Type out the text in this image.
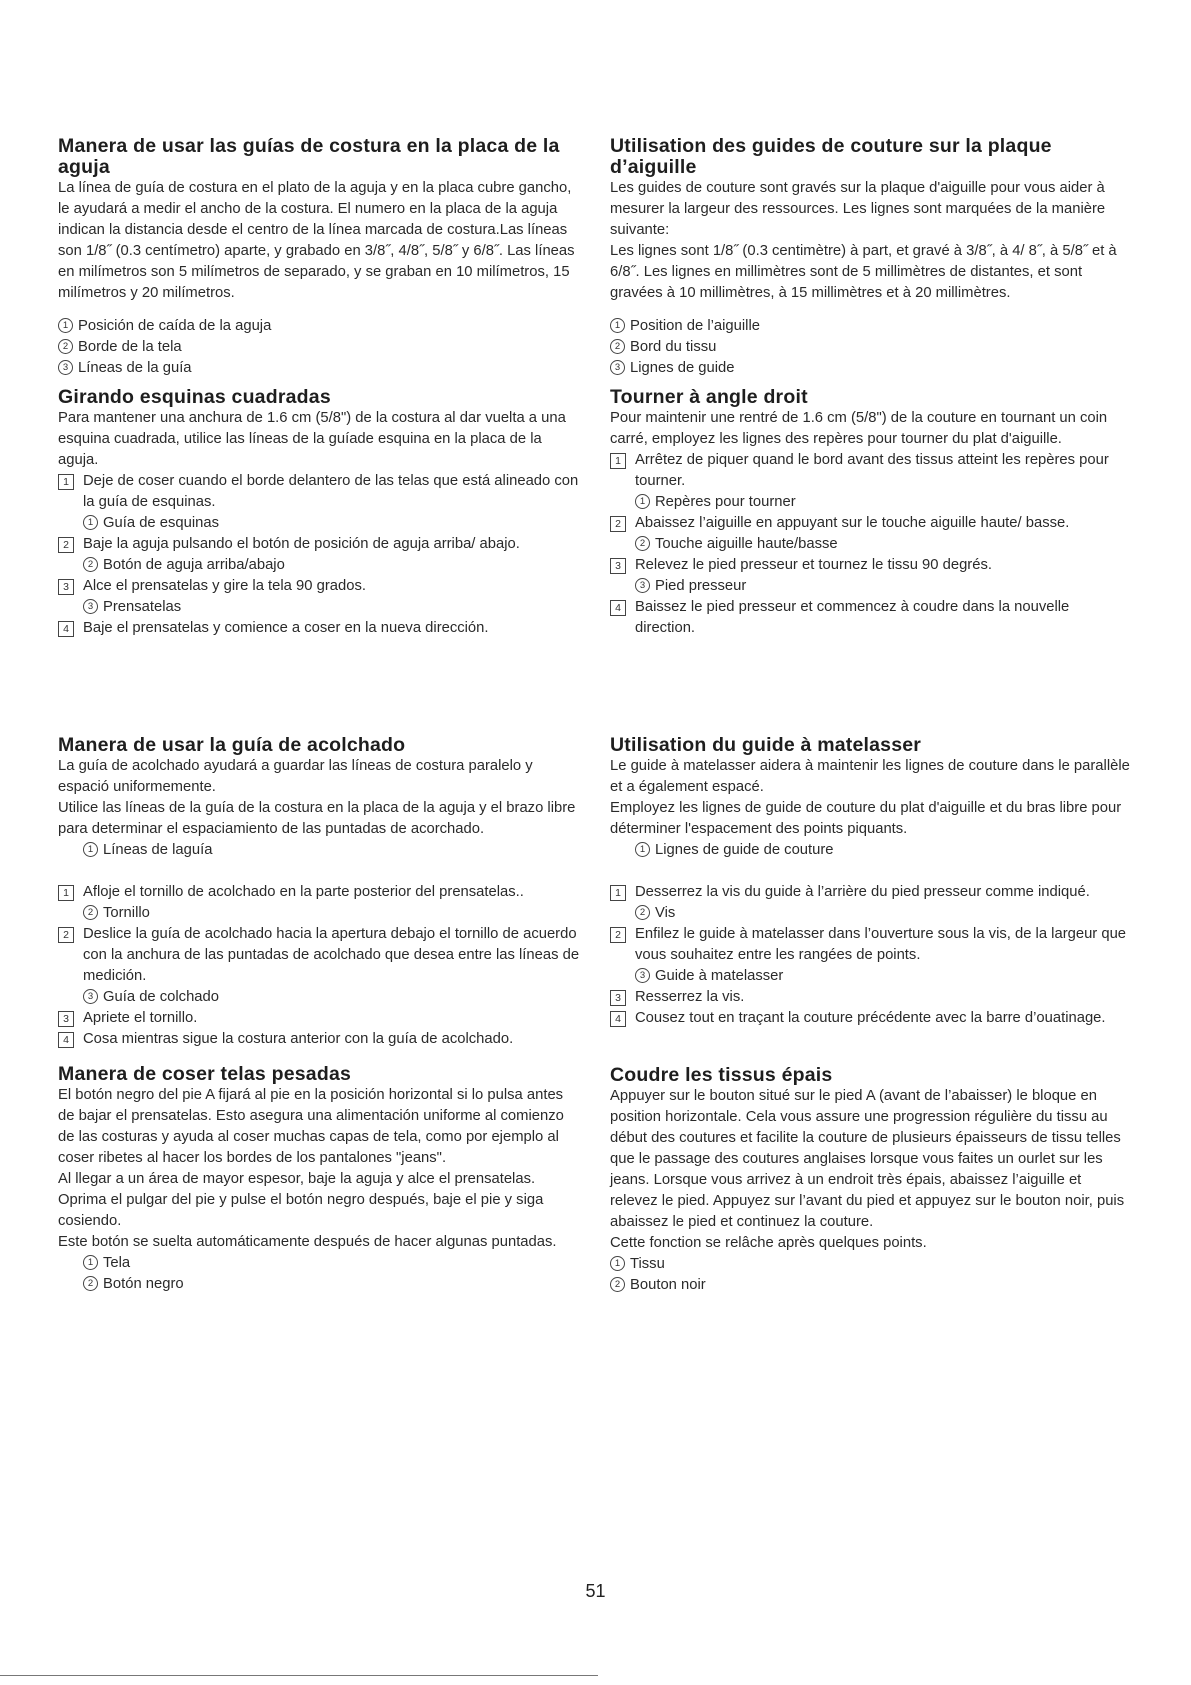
Manera de usar las guías de costura en la placa de la aguja

La línea de guía de costura en el plato de la aguja y en la placa cubre gancho, le ayudará a medir el ancho de la costura. El numero en la placa de la aguja indican la distancia desde el centro de la línea marcada de costura.Las líneas son 1/8˝ (0.3 centímetro) aparte, y grabado en 3/8˝, 4/8˝, 5/8˝ y 6/8˝. Las líneas en milímetros son 5 milímetros de separado, y se graban en 10 milímetros, 15 milímetros y 20 milímetros.

1 Posición de caída de la aguja

2 Borde de la tela

3 Líneas de la guía

Girando esquinas cuadradas

Para mantener una anchura de 1.6 cm (5/8") de la costura al dar vuelta a una esquina cuadrada, utilice las líneas de la guíade esquina en la placa de la aguja.

1 Deje de coser cuando el borde delantero de las telas que está alineado con la guía de esquinas.

1 Guía de esquinas

2 Baje la aguja pulsando el botón de posición de aguja arriba/ abajo.

2 Botón de aguja arriba/abajo

3 Alce el prensatelas y gire la tela 90 grados.

3 Prensatelas

4 Baje el prensatelas y comience a coser en la nueva dirección.

Manera de usar la guía de acolchado

La guía de acolchado ayudará a guardar las líneas de costura paralelo y espació uniformemente.

Utilice las líneas de la guía de la costura en la placa de la aguja y el brazo libre para determinar el espaciamiento de las puntadas de acorchado.

1 Líneas de laguía

1 Afloje el tornillo de acolchado en la parte posterior del prensatelas..

2 Tornillo

2 Deslice la guía de acolchado hacia la apertura debajo el tornillo de acuerdo con la anchura de las puntadas de acolchado que desea entre las líneas de medición.

3 Guía de colchado

3 Apriete el tornillo.

4 Cosa mientras sigue la costura anterior con la guía de acolchado.

Manera de coser telas pesadas

El botón negro del pie A fijará al pie en la posición horizontal si lo pulsa antes de bajar el prensatelas. Esto asegura una alimentación uniforme al comienzo de las costuras y ayuda al coser muchas capas de tela, como por ejemplo al coser ribetes al hacer los bordes de los pantalones "jeans".

Al llegar a un área de mayor espesor, baje la aguja y alce el prensatelas. Oprima el pulgar del pie y pulse el botón negro después, baje el pie y siga cosiendo.

Este botón se suelta automáticamente después de hacer algunas puntadas.

1 Tela

2 Botón negro

Utilisation des guides de couture sur la plaque d’aiguille

Les guides de couture sont gravés sur la plaque d'aiguille pour vous aider à mesurer la largeur des ressources. Les lignes sont marquées de la manière suivante:

Les lignes sont 1/8˝ (0.3 centimètre) à part, et gravé à 3/8˝, à 4/ 8˝, à 5/8˝ et à 6/8˝. Les lignes en millimètres sont de 5 millimètres de distantes, et sont gravées à 10 millimètres, à 15 millimètres et à 20 millimètres.

1 Position de l’aiguille

2 Bord du tissu

3 Lignes de guide

Tourner à angle droit

Pour maintenir une rentré de 1.6 cm (5/8") de la couture en tournant un coin carré, employez les lignes des repères pour tourner du plat d'aiguille.

1 Arrêtez de piquer quand le bord avant des tissus atteint les repères pour tourner.

1 Repères pour tourner

2 Abaissez l’aiguille en appuyant sur le touche aiguille haute/ basse.

2 Touche aiguille haute/basse

3 Relevez le pied presseur et tournez le tissu 90 degrés.

3 Pied presseur

4 Baissez le pied presseur et commencez à coudre dans la nouvelle direction.

Utilisation du guide à matelasser

Le guide à matelasser aidera à maintenir les lignes de couture dans le parallèle et a également espacé.

Employez les lignes de guide de couture du plat d'aiguille et du bras libre pour déterminer l'espacement des points piquants.

1 Lignes de guide de couture

1 Desserrez la vis du guide à l’arrière du pied presseur comme indiqué.

2 Vis

2 Enfilez le guide à matelasser dans l’ouverture sous la vis, de la largeur que vous souhaitez entre les rangées de points.

3 Guide à matelasser

3 Resserrez la vis.

4 Cousez tout en traçant la couture précédente avec la barre d’ouatinage.

Coudre les tissus épais

Appuyer sur le bouton situé sur le pied A (avant de l’abaisser) le bloque en position horizontale. Cela vous assure une progression régulière du tissu au début des coutures et facilite la couture de plusieurs épaisseurs de tissu telles que le passage des coutures anglaises lorsque vous faites un ourlet sur les jeans. Lorsque vous arrivez à un endroit très épais, abaissez l’aiguille et relevez le pied. Appuyez sur l’avant du pied et appuyez sur le bouton noir, puis abaissez le pied et continuez la couture.

Cette fonction se relâche après quelques points.

1 Tissu

2 Bouton noir

51
